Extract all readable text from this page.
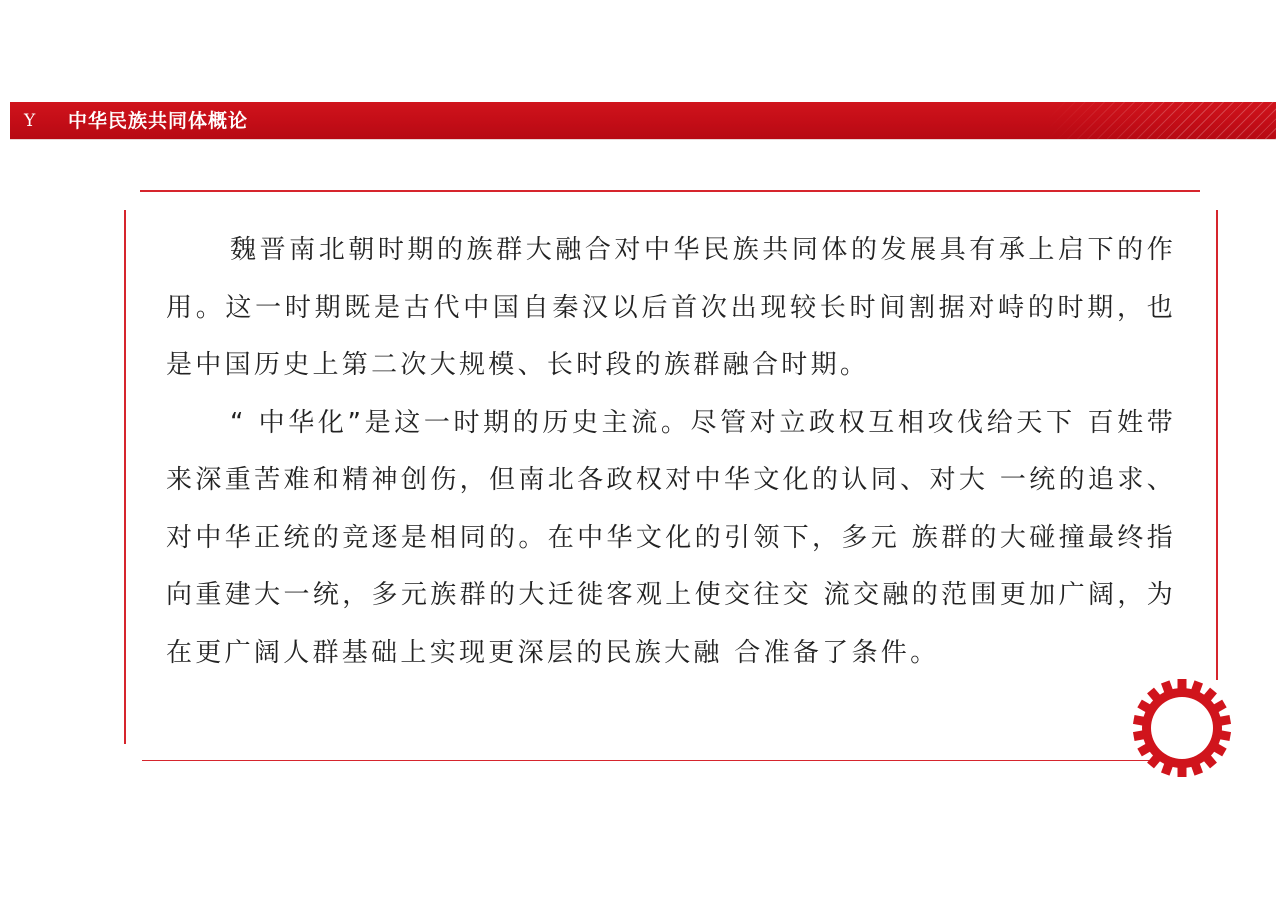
Y 中华民族共同体概论

魏晋南北朝时期的族群大融合对中华民族共同体的发展具有承上启下的作用。这一时期既是古代中国自秦汉以后首次出现较长时间割据对峙的时期，也是中国历史上第二次大规模、长时段的族群融合时期。

“ 中华化”是这一时期的历史主流。尽管对立政权互相攻伐给天下 百姓带来深重苦难和精神创伤，但南北各政权对中华文化的认同、对大 一统的追求、对中华正统的竞逐是相同的。在中华文化的引领下，多元 族群的大碰撞最终指向重建大一统，多元族群的大迁徙客观上使交往交 流交融的范围更加广阔，为在更广阔人群基础上实现更深层的民族大融 合准备了条件。
